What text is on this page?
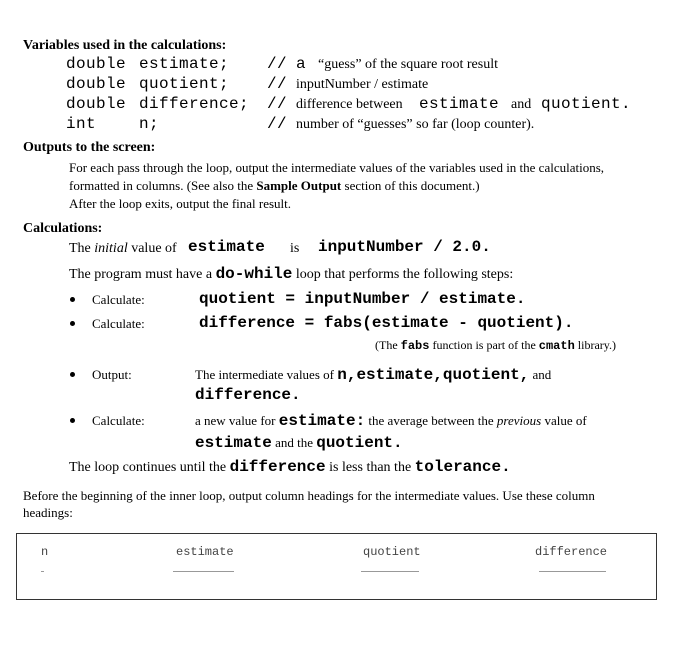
Variables used in the calculations:
double estimate; // a “guess” of the square root result
double quotient; // inputNumber / estimate
double difference; // difference between estimate and quotient.
int	n;	// number of “guesses” so far (loop counter).
Outputs to the screen:
For each pass through the loop, output the intermediate values of the variables used in the calculations,
formatted in columns. (See also the Sample Output section of this document.)
After the loop exits, output the final result.
Calculations:
The initial value of estimate is inputNumber / 2.0.
The program must have a do-while loop that performs the following steps:
Calculate:	quotient = inputNumber / estimate.
Calculate:	difference = fabs(estimate - quotient).
(The fabs function is part of the cmath library.)
Output:	The intermediate values of n,estimate,quotient, and
difference.
Calculate:	a new value for estimate: the average between the previous value of
estimate and the quotient.
The loop continues until the difference is less than the tolerance.
Before the beginning of the inner loop, output column headings for the intermediate values. Use these column
headings:
n	estimate	quotient	difference
